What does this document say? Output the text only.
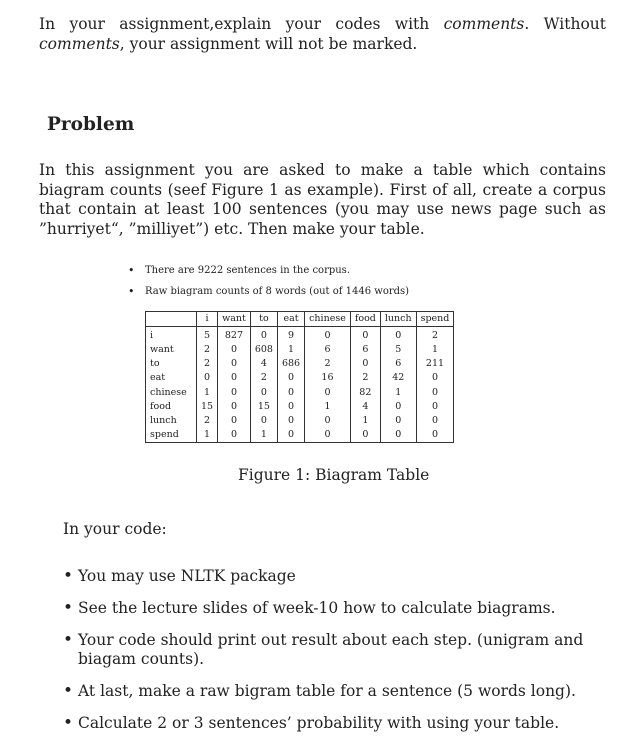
In your assignment,explain your codes with comments. Without comments, your assignment will not be marked.

Problem

In this assignment you are asked to make a table which contains biagram counts (seef Figure 1 as example). First of all, create a corpus that contain at least 100 sentences (you may use news page such as ”hurriyet“, ”milliyet”) etc. Then make your table.

• There are 9222 sentences in the corpus.
• Raw biagram counts of 8 words (out of 1446 words)
	i	want	to	eat	chinese	food	lunch	spend
i	5	827	0	9	0	0	0	2
want	2	0	608	1	6	6	5	1
to	2	0	4	686	2	0	6	211
eat	0	0	2	0	16	2	42	0
chinese	1	0	0	0	0	82	1	0
food	15	0	15	0	1	4	0	0
lunch	2	0	0	0	0	1	0	0
spend	1	0	1	0	0	0	0	0

Figure 1: Biagram Table

In your code:

• You may use NLTK package
• See the lecture slides of week-10 how to calculate biagrams.
• Your code should print out result about each step. (unigram and biagam counts).
• At last, make a raw bigram table for a sentence (5 words long).
• Calculate 2 or 3 sentences’ probability with using your table.
